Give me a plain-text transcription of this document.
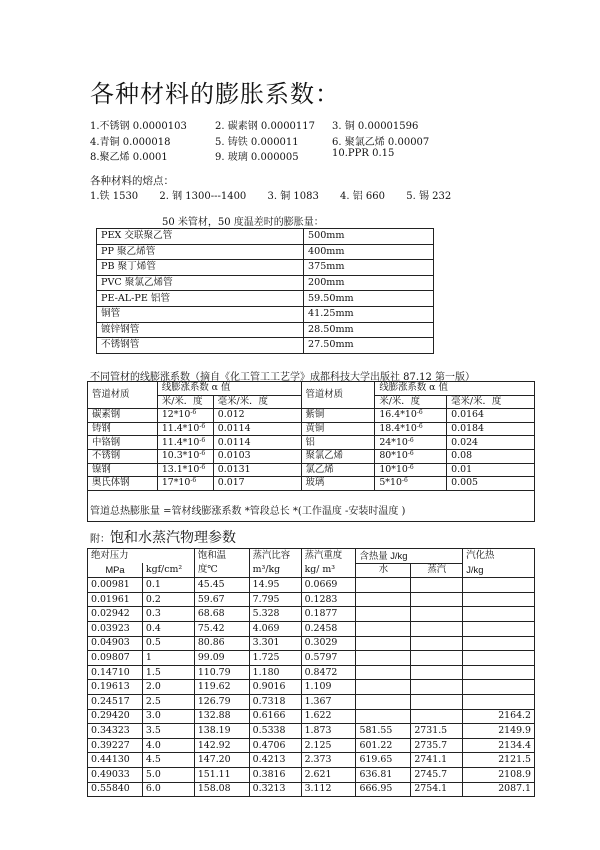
各种材料的膨胀系数：
1.不锈钢 0.0000103	2. 碳素钢 0.0000117 3. 铜 0.00001596
4.青铜 0.000018	5. 铸铁 0.000011	6. 聚氯乙烯 0.00007
8.聚乙烯 0.0001	9. 玻璃 0.000005	10.PPR 0.15
各种材料的熔点：
1.铁 1530 2. 钢 1300---1400 3. 铜 1083 4. 铝 660 5. 锡 232
50 米管材，50 度温差时的膨胀量：
PEX 交联聚乙管	500mm
PP 聚乙烯管	400mm
PB 聚丁烯管	375mm
PVC 聚氯乙烯管	200mm
PE-AL-PE 铝管	59.50mm
铜管	41.25mm
镀锌钢管	28.50mm
不锈钢管	27.50mm
不同管材的线膨涨系数（摘自《化工管工工艺学》成都科技大学出版社 87.12 第一版）
管道材质	线膨涨系数 α 值		管道材质	线膨涨系数 α 值	
	米/米．度	毫米/米．度		米/米．度	毫米/米．度
碳素钢	$12*10^{-6}$	0.012	紫铜	$16.4*10^{-6}$	0.0164
铸钢	$11.4*10^{-6}$	0.0114	黄铜	$18.4*10^{-6}$	0.0184
中铬钢	$11.4*10^{-6}$	0.0114	铝	$24*10^{-6}$	0.024
不锈钢	$10.3*10^{-6}$	0.0103	聚氯乙烯	$80*10^{-6}$	0.08
镍钢	$13.1*10^{-6}$	0.0131	氯乙烯	$10*10^{-6}$	0.01
奥氏体钢	$17*10^{-6}$	0.017	玻璃	$5*10^{-6}$	0.005

管道总热膨胀量 =管材线膨涨系数 *管段总长 *(工作温度 -安装时温度 )
附：饱和水蒸汽物理参数
绝对压力		饱和温	蒸汽比容	蒸汽重度	含热量 J/kg		汽化热
MPa	kgf/cm²	度℃	m³/kg	kg/ m³	水	蒸汽	J/kg
0.00981	0.1	45.45	14.95	0.0669			
0.01961	0.2	59.67	7.795	0.1283			
0.02942	0.3	68.68	5.328	0.1877			
0.03923	0.4	75.42	4.069	0.2458			
0.04903	0.5	80.86	3.301	0.3029			
0.09807	1	99.09	1.725	0.5797			
0.14710	1.5	110.79	1.180	0.8472			
0.19613	2.0	119.62	0.9016	1.109			
0.24517	2.5	126.79	0.7318	1.367			
0.29420	3.0	132.88	0.6166	1.622			2164.2
0.34323	3.5	138.19	0.5338	1.873	581.55	2731.5	2149.9
0.39227	4.0	142.92	0.4706	2.125	601.22	2735.7	2134.4
0.44130	4.5	147.20	0.4213	2.373	619.65	2741.1	2121.5
0.49033	5.0	151.11	0.3816	2.621	636.81	2745.7	2108.9
0.55840	6.0	158.08	0.3213	3.112	666.95	2754.1	2087.1
